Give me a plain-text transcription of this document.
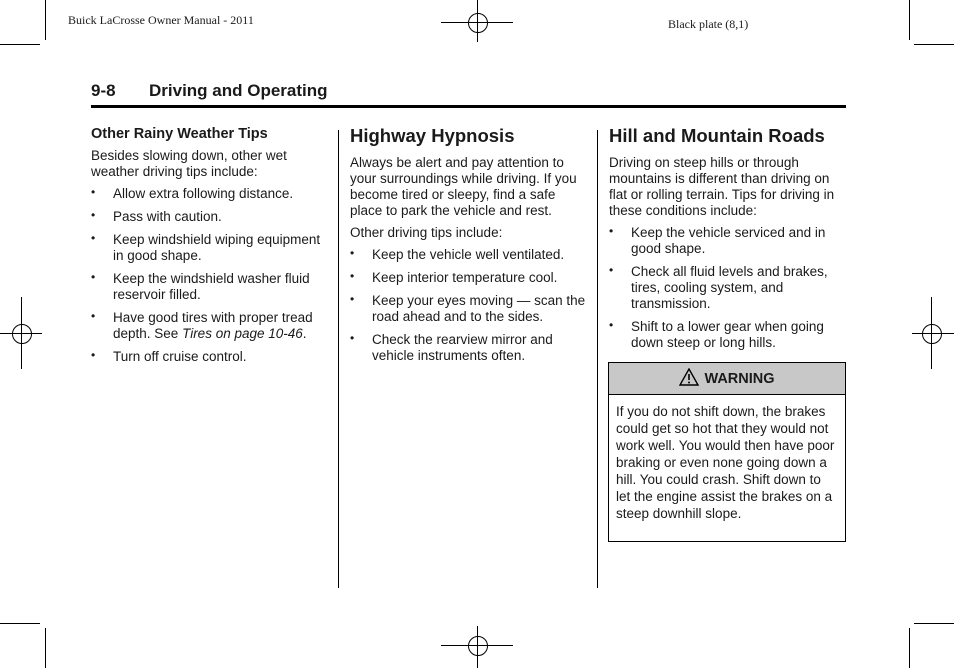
Buick LaCrosse Owner Manual - 2011	Black plate (8,1)
9-8 Driving and Operating
Other Rainy Weather Tips

Besides slowing down, other wet weather driving tips include:

• Allow extra following distance.
• Pass with caution.
• Keep windshield wiping equipment in good shape.
• Keep the windshield washer fluid reservoir filled.
• Have good tires with proper tread depth. See Tires on page 10-46.
• Turn off cruise control.
Highway Hypnosis

Always be alert and pay attention to your surroundings while driving. If you become tired or sleepy, find a safe place to park the vehicle and rest.

Other driving tips include:

• Keep the vehicle well ventilated.
• Keep interior temperature cool.
• Keep your eyes moving — scan the road ahead and to the sides.
• Check the rearview mirror and vehicle instruments often.
Hill and Mountain Roads

Driving on steep hills or through mountains is different than driving on flat or rolling terrain. Tips for driving in these conditions include:

• Keep the vehicle serviced and in good shape.
• Check all fluid levels and brakes, tires, cooling system, and transmission.
• Shift to a lower gear when going down steep or long hills.
WARNING
If you do not shift down, the brakes could get so hot that they would not work well. You would then have poor braking or even none going down a hill. You could crash. Shift down to let the engine assist the brakes on a steep downhill slope.
